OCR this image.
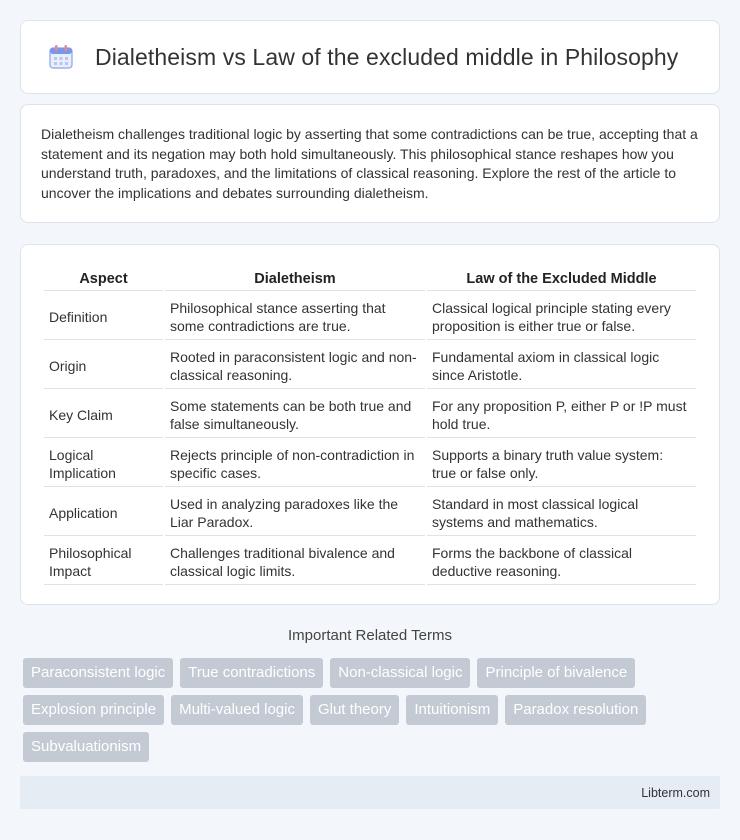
Dialetheism vs Law of the excluded middle in Philosophy

Dialetheism challenges traditional logic by asserting that some contradictions can be true, accepting that a statement and its negation may both hold simultaneously. This philosophical stance reshapes how you understand truth, paradoxes, and the limitations of classical reasoning. Explore the rest of the article to uncover the implications and debates surrounding dialetheism.

Aspect	Dialetheism	Law of the Excluded Middle
Definition	Philosophical stance asserting that some contradictions are true.	Classical logical principle stating every proposition is either true or false.
Origin	Rooted in paraconsistent logic and non-classical reasoning.	Fundamental axiom in classical logic since Aristotle.
Key Claim	Some statements can be both true and false simultaneously.	For any proposition P, either P or !P must hold true.
Logical Implication	Rejects principle of non-contradiction in specific cases.	Supports a binary truth value system: true or false only.
Application	Used in analyzing paradoxes like the Liar Paradox.	Standard in most classical logical systems and mathematics.
Philosophical Impact	Challenges traditional bivalence and classical logic limits.	Forms the backbone of classical deductive reasoning.
Important Related Terms
Paraconsistent logic	True contradictions	Non-classical logic	Principle of bivalence
Explosion principle	Multi-valued logic	Glut theory	Intuitionism	Paradox resolution
Subvaluationism
Libterm.com
